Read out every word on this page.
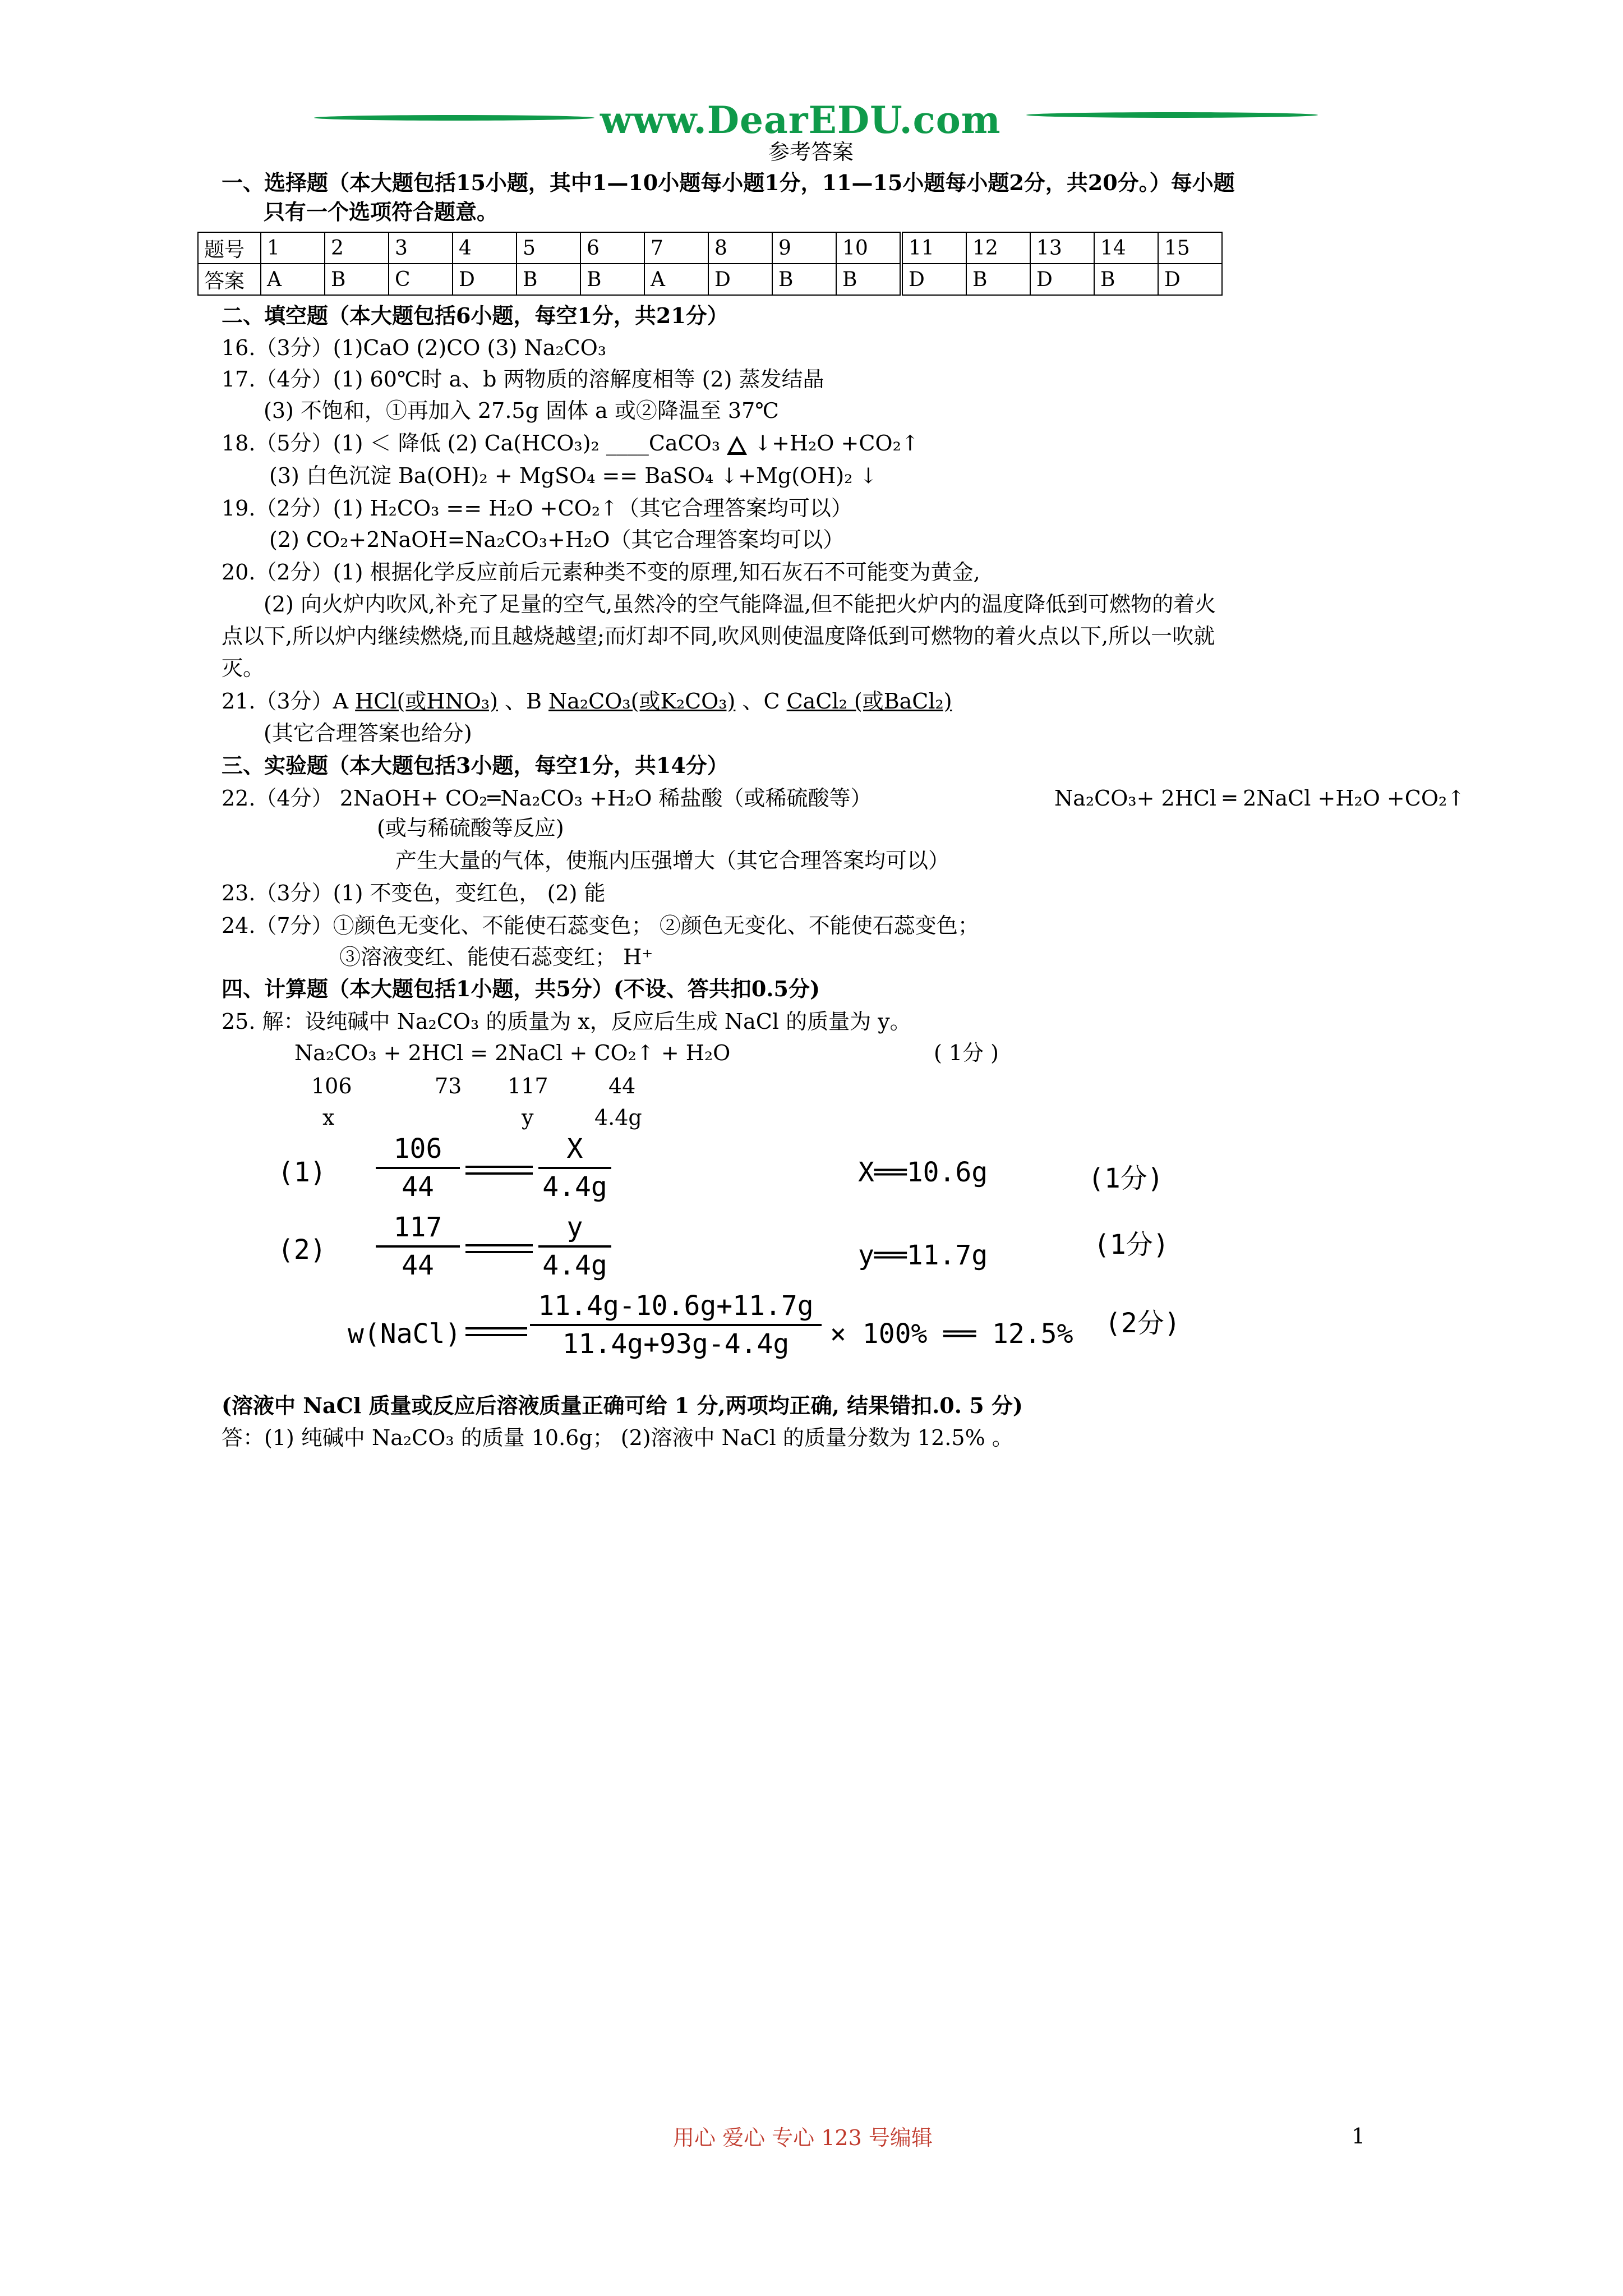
www.DearEDU.com
参考答案
一、选择题（本大题包括15小题，其中1—10小题每小题1分，11—15小题每小题2分，共20分。）每小题
只有一个选项符合题意。
题号	1	2	3	4	5	6	7	8	9	10	11	12	13	14	15
答案	A	B	C	D	B	B	A	D	B	B	D	B	D	B	D
二、填空题（本大题包括6小题，每空1分，共21分）
16.（3分）(1)CaO (2)CO (3) Na₂CO₃
17.（4分）(1) 60℃时 a、b 两物质的溶解度相等 (2) 蒸发结晶
(3) 不饱和，①再加入 27.5g 固体 a 或②降温至 37℃
18.（5分）(1) ＜ 降低 (2) Ca(HCO₃)₂ ____CaCO₃  ↓+H₂O +CO₂↑
(3) 白色沉淀 Ba(OH)₂ + MgSO₄ == BaSO₄ ↓+Mg(OH)₂ ↓
19.（2分）(1) H₂CO₃ == H₂O +CO₂↑（其它合理答案均可以）
(2) CO₂+2NaOH=Na₂CO₃+H₂O（其它合理答案均可以）
20.（2分）(1) 根据化学反应前后元素种类不变的原理,知石灰石不可能变为黄金,
(2) 向火炉内吹风,补充了足量的空气,虽然冷的空气能降温,但不能把火炉内的温度降低到可燃物的着火
点以下,所以炉内继续燃烧,而且越烧越望;而灯却不同,吹风则使温度降低到可燃物的着火点以下,所以一吹就
灭。
21.（3分）A HCl(或HNO₃) 、B Na₂CO₃(或K₂CO₃) 、C CaCl₂ (或BaCl₂)
(其它合理答案也给分)
三、实验题（本大题包括3小题，每空1分，共14分）
22.（4分） 2NaOH+ CO₂═Na₂CO₃ +H₂O 稀盐酸（或稀硫酸等）	Na₂CO₃+ 2HCl ═ 2NaCl +H₂O +CO₂↑
(或与稀硫酸等反应)
产生大量的气体，使瓶内压强增大（其它合理答案均可以）
23.（3分）(1) 不变色，变红色， (2) 能
24.（7分）①颜色无变化、不能使石蕊变色； ②颜色无变化、不能使石蕊变色；
③溶液变红、能使石蕊变红； H⁺
四、计算题（本大题包括1小题，共5分）(不设、答共扣0.5分)
25. 解：设纯碱中 Na₂CO₃ 的质量为 x，反应后生成 NaCl 的质量为 y。
Na₂CO₃ + 2HCl = 2NaCl + CO₂↑ + H₂O	( 1分 )
106	73 117	44
x	y	4.4g
(1)
106
44
X
4.4g	X══10.6g	(1分)
(2)
117
44
y
4.4g	y══11.7g	(1分)
w(NaCl)
11.4g-10.6g+11.7g
11.4g+93g-4.4g	× 100% ══ 12.5% (2分)
(溶液中 NaCl 质量或反应后溶液质量正确可给 1 分,两项均正确, 结果错扣.0. 5 分)
答：(1) 纯碱中 Na₂CO₃ 的质量 10.6g； (2)溶液中 NaCl 的质量分数为 12.5% 。
用心 爱心 专心 123 号编辑	1
